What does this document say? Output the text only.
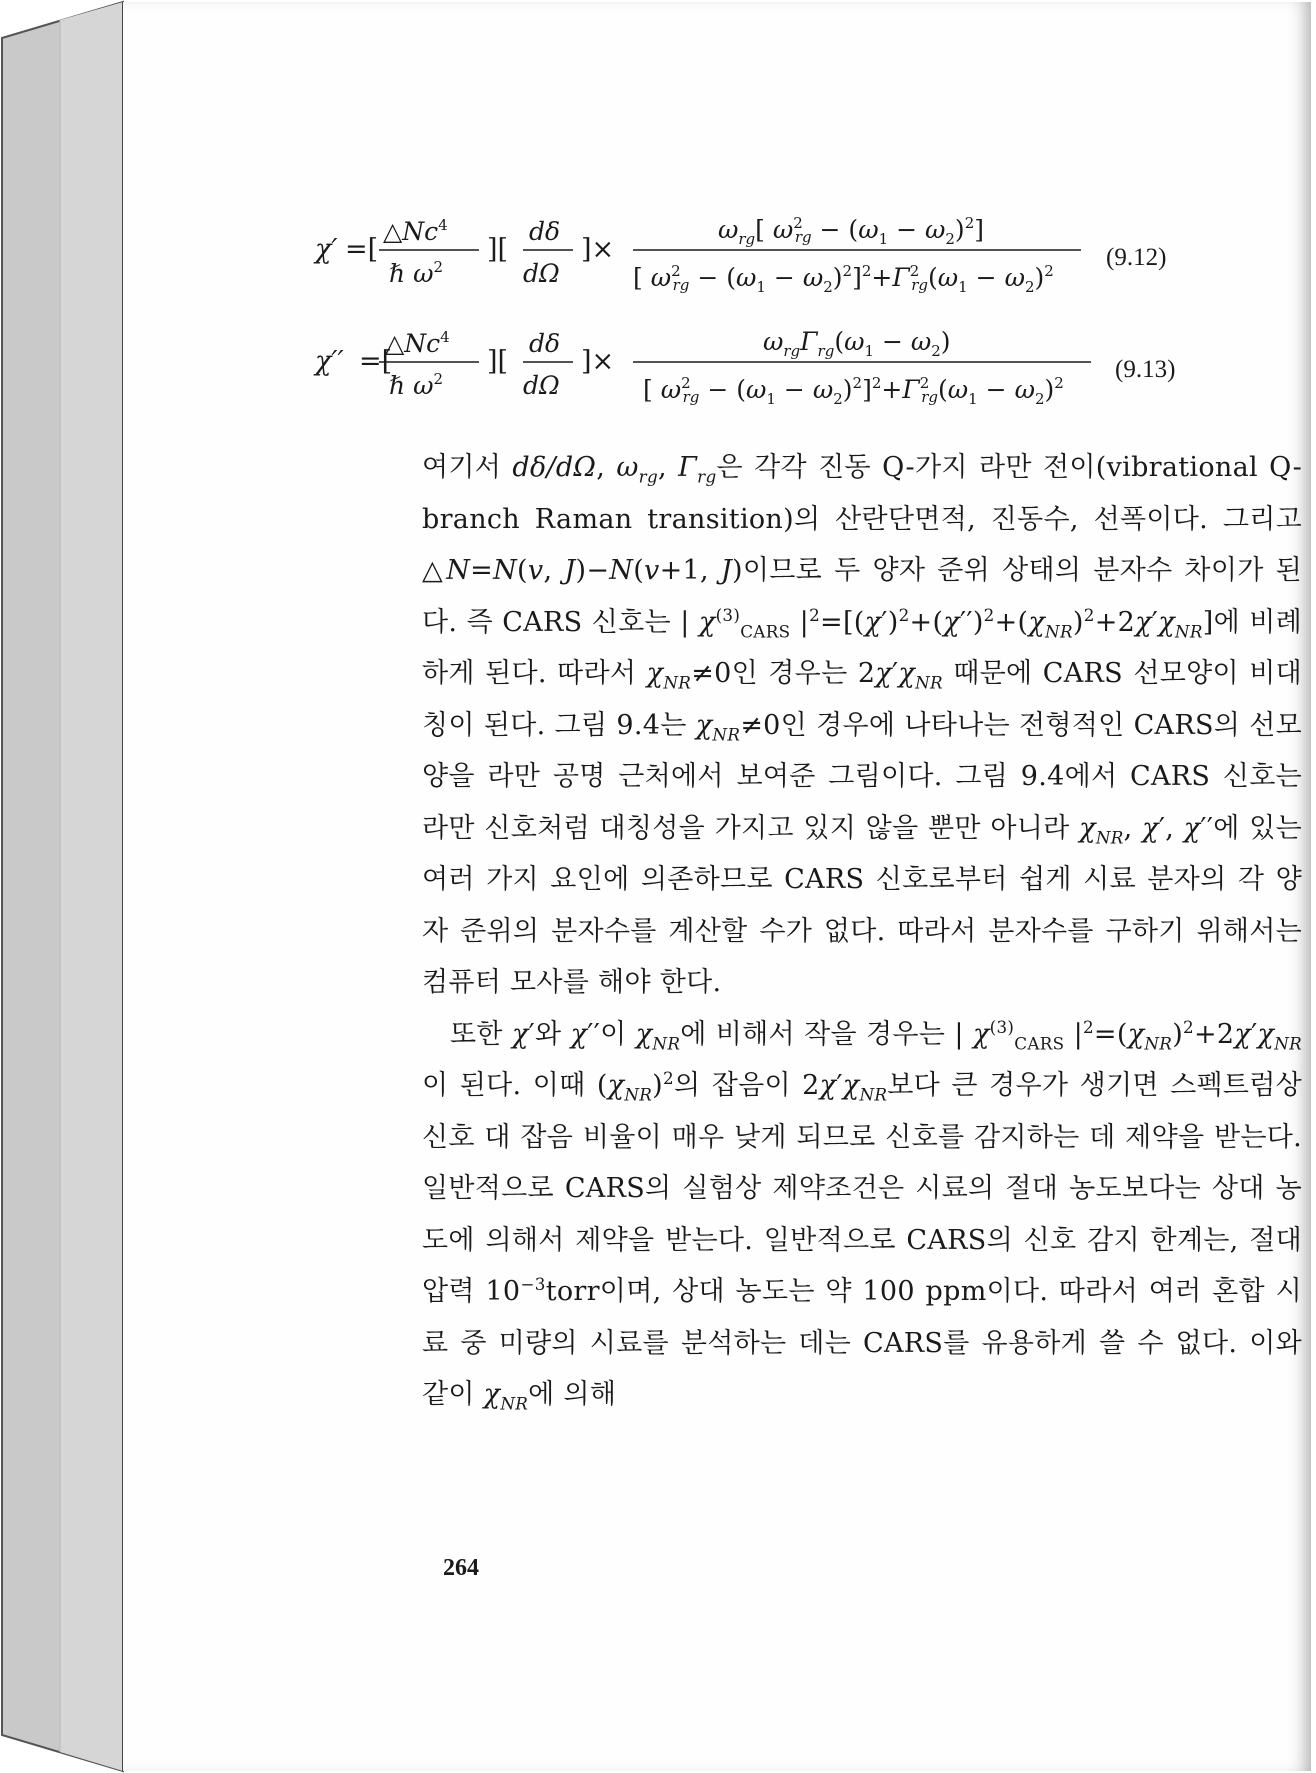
χ′ =[
△Nc$^4$
ℏ $\omega^2$
][
dδ
dΩ
]×
$\omega_{rg}$[ $\omega^2$ rg − $(\omega_1 - \omega_2)^2$]
[ $\omega^2$ rg − $(\omega_1 - \omega_2)^2]^2+\Gamma^2$ $rg(\omega_1 - \omega_2)^2$ (9.12)
χ′′ =[
△Nc$^4$
ℏ $\omega^2$
][
dδ
dΩ
]×
$\omega_{rg}\Gamma_{rg}(\omega_1 - \omega_2)$
[ $\omega^2$ rg − $(\omega_1 - \omega_2)^2]^2+\Gamma^2$ $rg(\omega_1 - \omega_2)^2$ (9.13)

여기서 dδ/dΩ, $\omega_{rg}$, $\Gamma_{rg}$은 각각 진동 Q-가지 라만 전이(vibrational Q-branch Raman transition)의 산란단면적, 진동수, 선폭이다. 그리고 △N=N(v, J)−N(v+1, J)이므로 두 양자 준위 상태의 분자수 차이가 된다. 즉 CARS 신호는 | $\chi^{(3)}_{CARS}$ $|^2=[(\chi')^2+(\chi'')^2+(\chi_{NR})^2+2\chi'\chi_{NR}]$에 비례하게 된다. 따라서 $\chi_{NR}\ne 0$인 경우는 $2\chi'\chi_{NR}$ 때문에 CARS 선모양이 비대칭이 된다. 그림 9.4는 $\chi_{NR}\ne 0$인 경우에 나타나는 전형적인 CARS의 선모양을 라만 공명 근처에서 보여준 그림이다. 그림 9.4에서 CARS 신호는 라만 신호처럼 대칭성을 가지고 있지 않을 뿐만 아니라 $\chi_{NR}$, χ′, χ′′에 있는 여러 가지 요인에 의존하므로 CARS 신호로부터 쉽게 시료 분자의 각 양자 준위의 분자수를 계산할 수가 없다. 따라서 분자수를 구하기 위해서는 컴퓨터 모사를 해야 한다.

또한 χ′와 χ′′이 $\chi_{NR}$에 비해서 작을 경우는 | $\chi^{(3)}_{CARS}$ $|^2=(\chi_{NR})^2+2\chi'\chi_{NR}$이 된다. 이때 $(\chi_{NR})^2$의 잡음이 $2\chi'\chi_{NR}$보다 큰 경우가 생기면 스펙트럼상 신호 대 잡음 비율이 매우 낮게 되므로 신호를 감지하는 데 제약을 받는다. 일반적으로 CARS의 실험상 제약조건은 시료의 절대 농도보다는 상대 농도에 의해서 제약을 받는다. 일반적으로 CARS의 신호 감지 한계는, 절대 압력 $10^{-3}torr$이며, 상대 농도는 약 100 ppm이다. 따라서 여러 혼합 시료 중 미량의 시료를 분석하는 데는 CARS를 유용하게 쓸 수 없다. 이와 같이 $\chi_{NR}$에 의해

264
